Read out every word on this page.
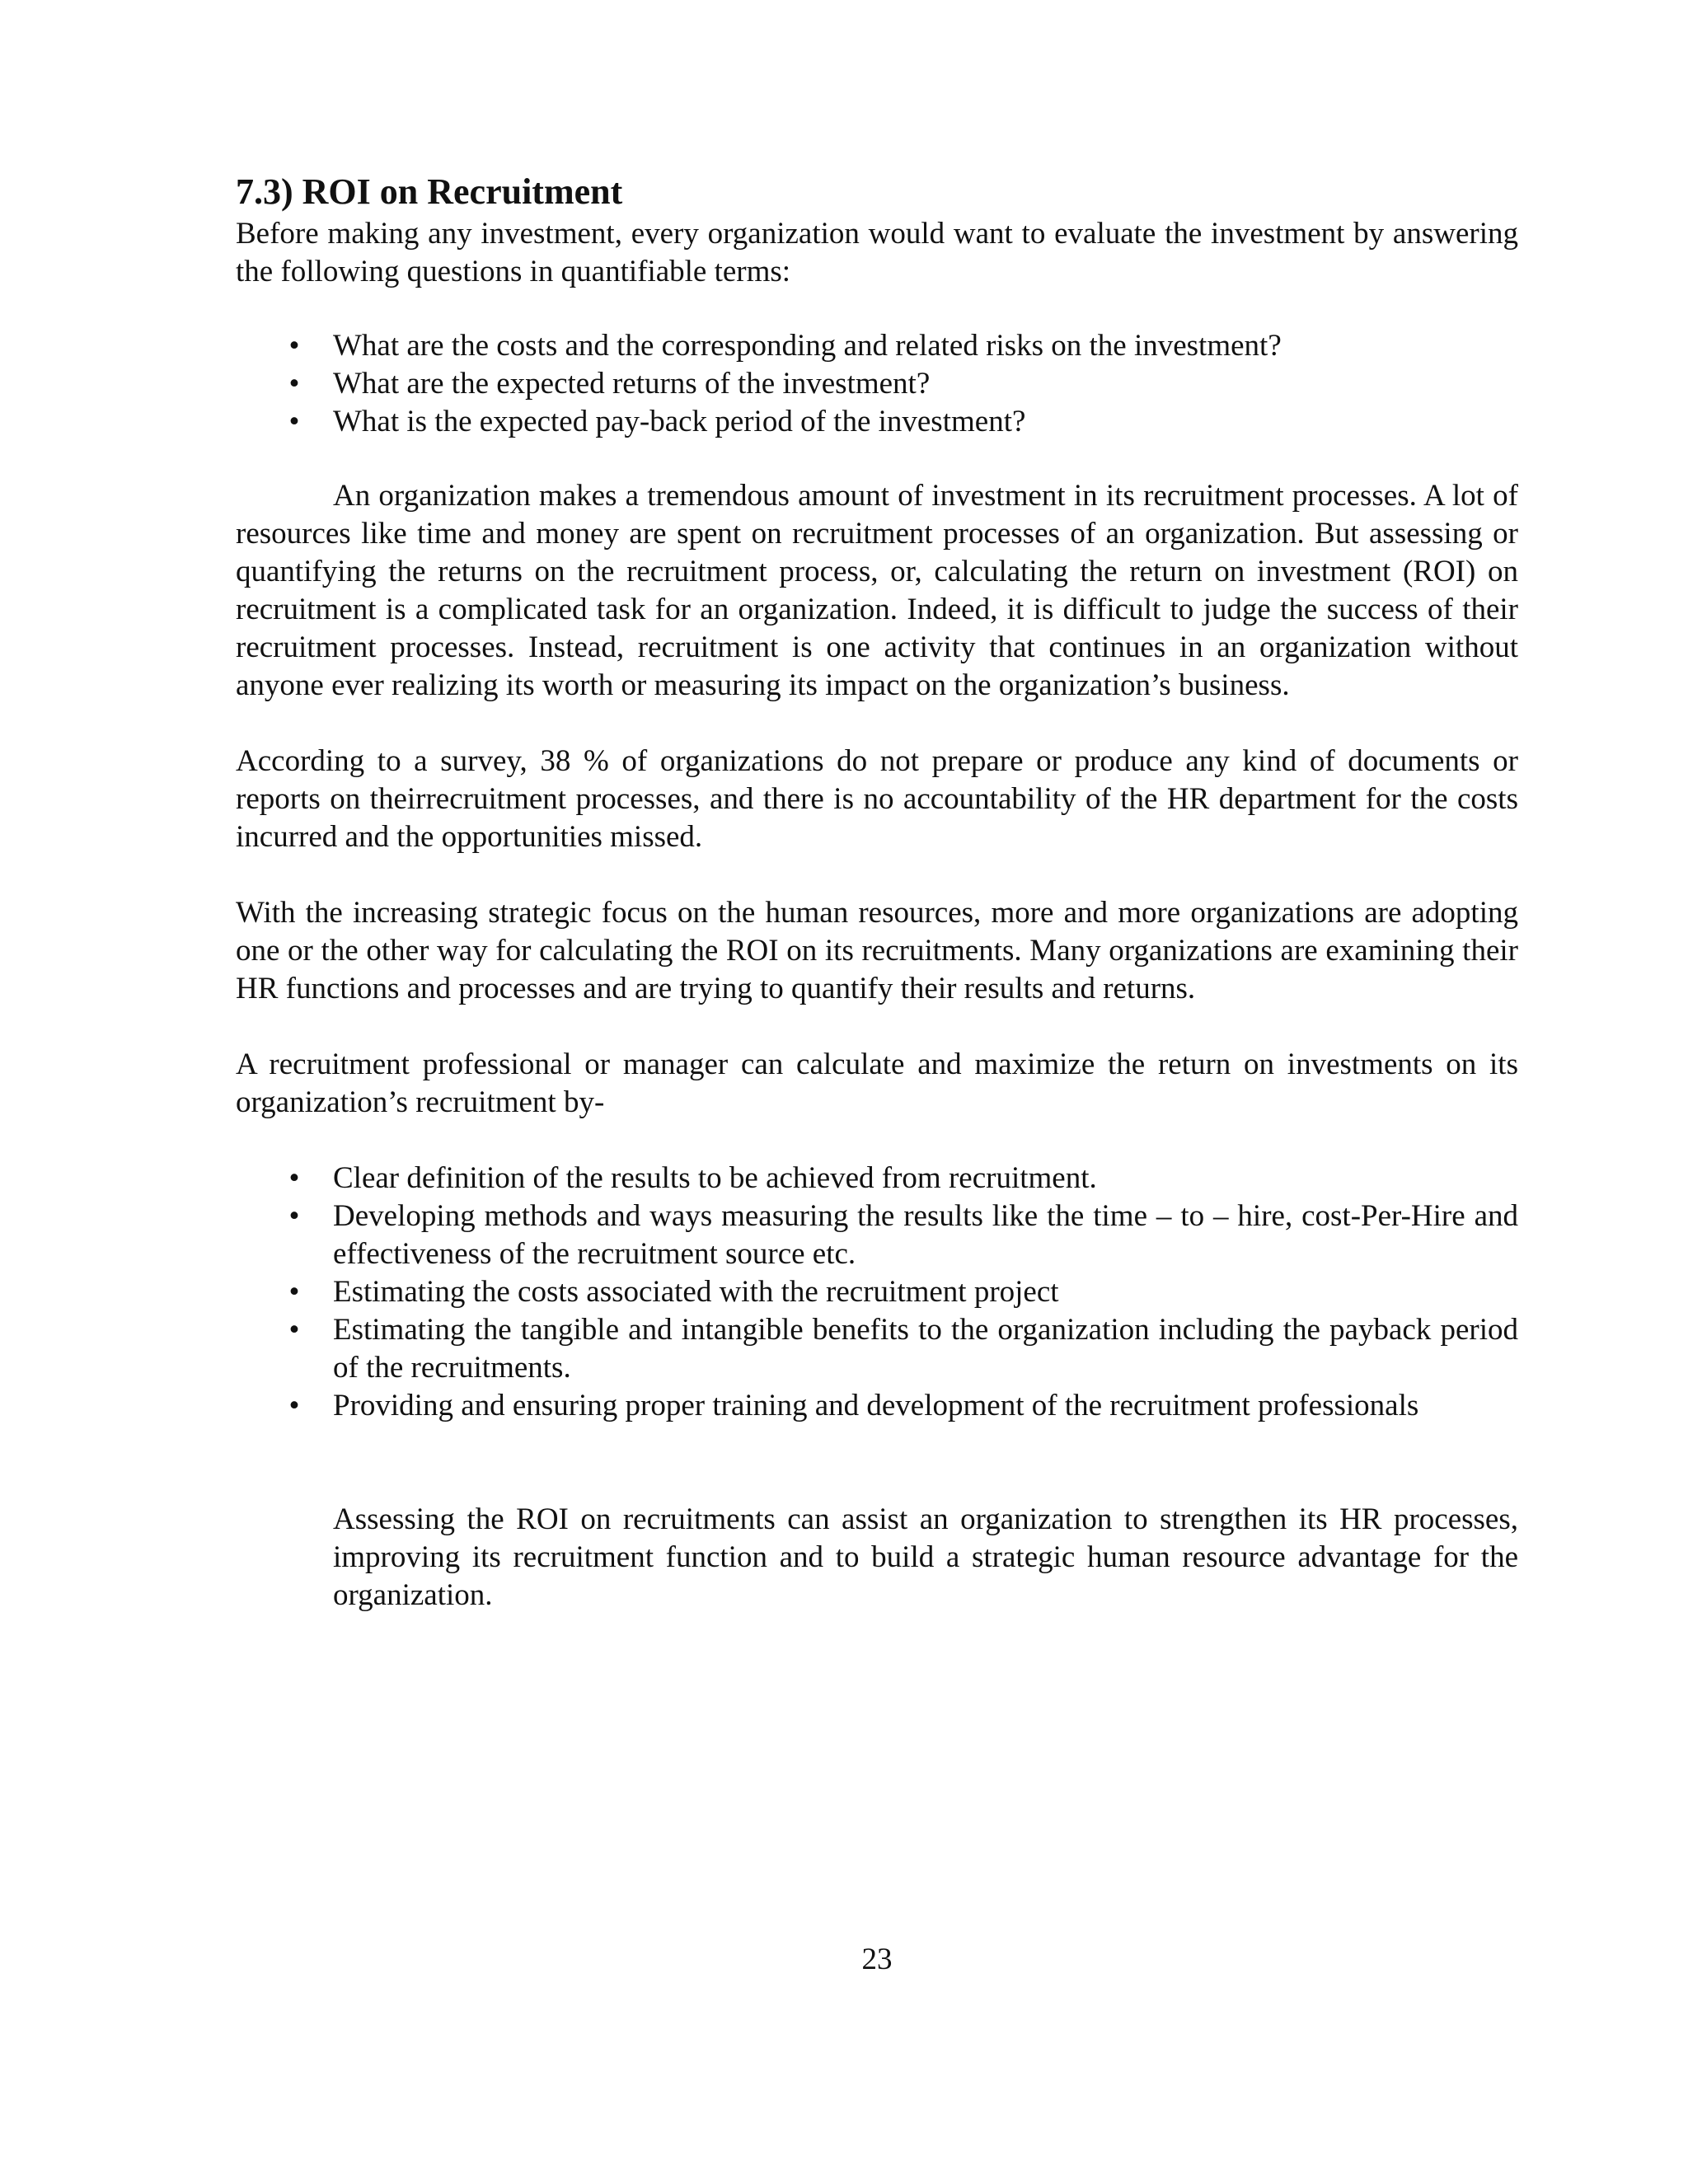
7.3) ROI on Recruitment

Before making any investment, every organization would want to evaluate the investment by answering the following questions in quantifiable terms:

• What are the costs and the corresponding and related risks on the investment?
• What are the expected returns of the investment?
• What is the expected pay-back period of the investment?

An organization makes a tremendous amount of investment in its recruitment processes. A lot of resources like time and money are spent on recruitment processes of an organization. But assessing or quantifying the returns on the recruitment process, or, calculating the return on investment (ROI) on recruitment is a complicated task for an organization. Indeed, it is difficult to judge the success of their recruitment processes. Instead, recruitment is one activity that continues in an organization without anyone ever realizing its worth or measuring its impact on the organization’s business.

According to a survey, 38 % of organizations do not prepare or produce any kind of documents or reports on theirrecruitment processes, and there is no accountability of the HR department for the costs incurred and the opportunities missed.

With the increasing strategic focus on the human resources, more and more organizations are adopting one or the other way for calculating the ROI on its recruitments. Many organizations are examining their HR functions and processes and are trying to quantify their results and returns.

A recruitment professional or manager can calculate and maximize the return on investments on its organization’s recruitment by-

• Clear definition of the results to be achieved from recruitment.
• Developing methods and ways measuring the results like the time – to – hire, cost-Per-Hire and effectiveness of the recruitment source etc.
• Estimating the costs associated with the recruitment project
• Estimating the tangible and intangible benefits to the organization including the payback period of the recruitments.
• Providing and ensuring proper training and development of the recruitment professionals

Assessing the ROI on recruitments can assist an organization to strengthen its HR processes, improving its recruitment function and to build a strategic human resource advantage for the organization.

23
